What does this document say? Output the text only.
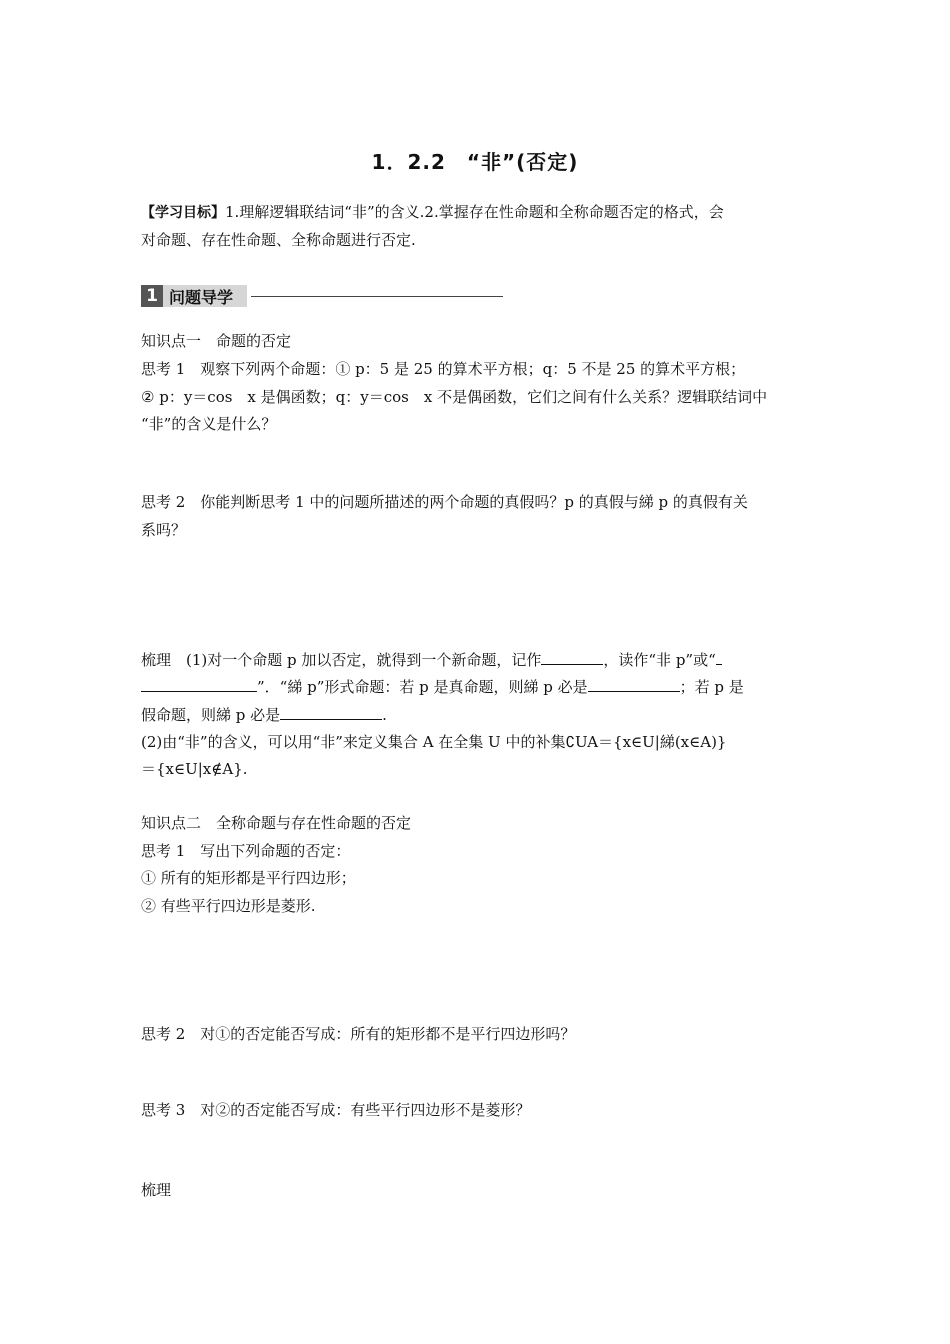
1．2.2　“非”(否定)
【学习目标】1.理解逻辑联结词“非”的含义.2.掌握存在性命题和全称命题否定的格式，会
对命题、存在性命题、全称命题进行否定.
1 问题导学
知识点一　命题的否定
思考 1　观察下列两个命题：① p：5 是 25 的算术平方根；q：5 不是 25 的算术平方根；
② p：y＝cos　x 是偶函数；q：y＝cos　x 不是偶函数，它们之间有什么关系？逻辑联结词中
“非”的含义是什么？
思考 2　你能判断思考 1 中的问题所描述的两个命题的真假吗？p 的真假与綈 p 的真假有关
系吗？
梳理　(1)对一个命题 p 加以否定，就得到一个新命题，记作	，读作“非 p”或“
”．“綈 p”形式命题：若 p 是真命题，则綈 p 必是	；若 p 是
假命题，则綈 p 必是	.
(2)由“非”的含义，可以用“非”来定义集合 A 在全集 U 中的补集∁UA＝{x∈U|綈(x∈A)}
＝{x∈U|x∉A}.
知识点二　全称命题与存在性命题的否定
思考 1　写出下列命题的否定：
① 所有的矩形都是平行四边形；
② 有些平行四边形是菱形.
思考 2　对①的否定能否写成：所有的矩形都不是平行四边形吗？
思考 3　对②的否定能否写成：有些平行四边形不是菱形？
梳理
